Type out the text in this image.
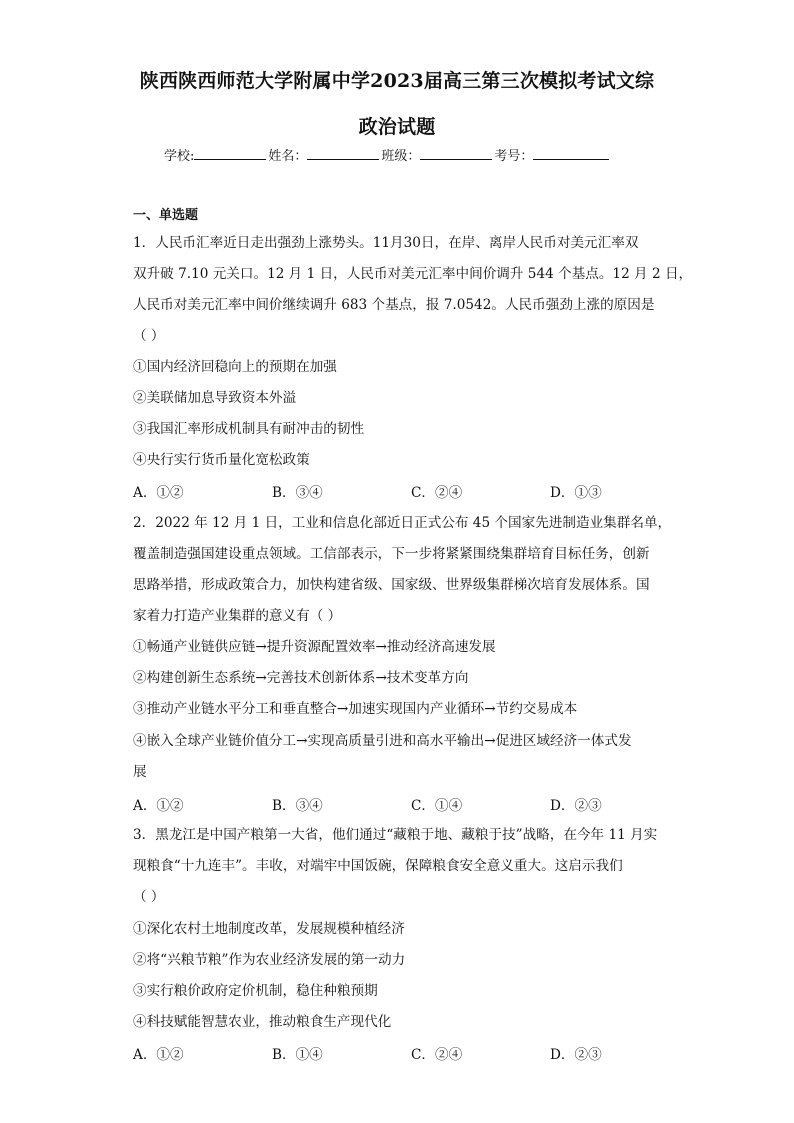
陕西陕西师范大学附属中学2023届高三第三次模拟考试文综
政治试题
学校:	姓名：	班级：	考号：
一、单选题
1．人民币汇率近日走出强劲上涨势头。11月30日，在岸、离岸人民币对美元汇率双
双升破 7.10 元关口。12 月 1 日，人民币对美元汇率中间价调升 544 个基点。12 月 2 日，
人民币对美元汇率中间价继续调升 683 个基点，报 7.0542。人民币强劲上涨的原因是
（ ）
①国内经济回稳向上的预期在加强
②美联储加息导致资本外溢
③我国汇率形成机制具有耐冲击的韧性
④央行实行货币量化宽松政策
A．①②	B．③④	C．②④	D．①③
2．2022 年 12 月 1 日，工业和信息化部近日正式公布 45 个国家先进制造业集群名单，
覆盖制造强国建设重点领域。工信部表示，下一步将紧紧围绕集群培育目标任务，创新
思路举措，形成政策合力，加快构建省级、国家级、世界级集群梯次培育发展体系。国
家着力打造产业集群的意义有（ ）
①畅通产业链供应链→提升资源配置效率→推动经济高速发展
②构建创新生态系统→完善技术创新体系→技术变革方向
③推动产业链水平分工和垂直整合→加速实现国内产业循环→节约交易成本
④嵌入全球产业链价值分工→实现高质量引进和高水平输出→促进区域经济一体式发
展
A．①②	B．③④	C．①④	D．②③
3．黑龙江是中国产粮第一大省，他们通过“藏粮于地、藏粮于技”战略，在今年 11 月实
现粮食“十九连丰”。丰收，对端牢中国饭碗，保障粮食安全意义重大。这启示我们
（ ）
①深化农村土地制度改革，发展规模种植经济
②将“兴粮节粮”作为农业经济发展的第一动力
③实行粮价政府定价机制，稳住种粮预期
④科技赋能智慧农业，推动粮食生产现代化
A．①②	B．①④	C．②④	D．②③
